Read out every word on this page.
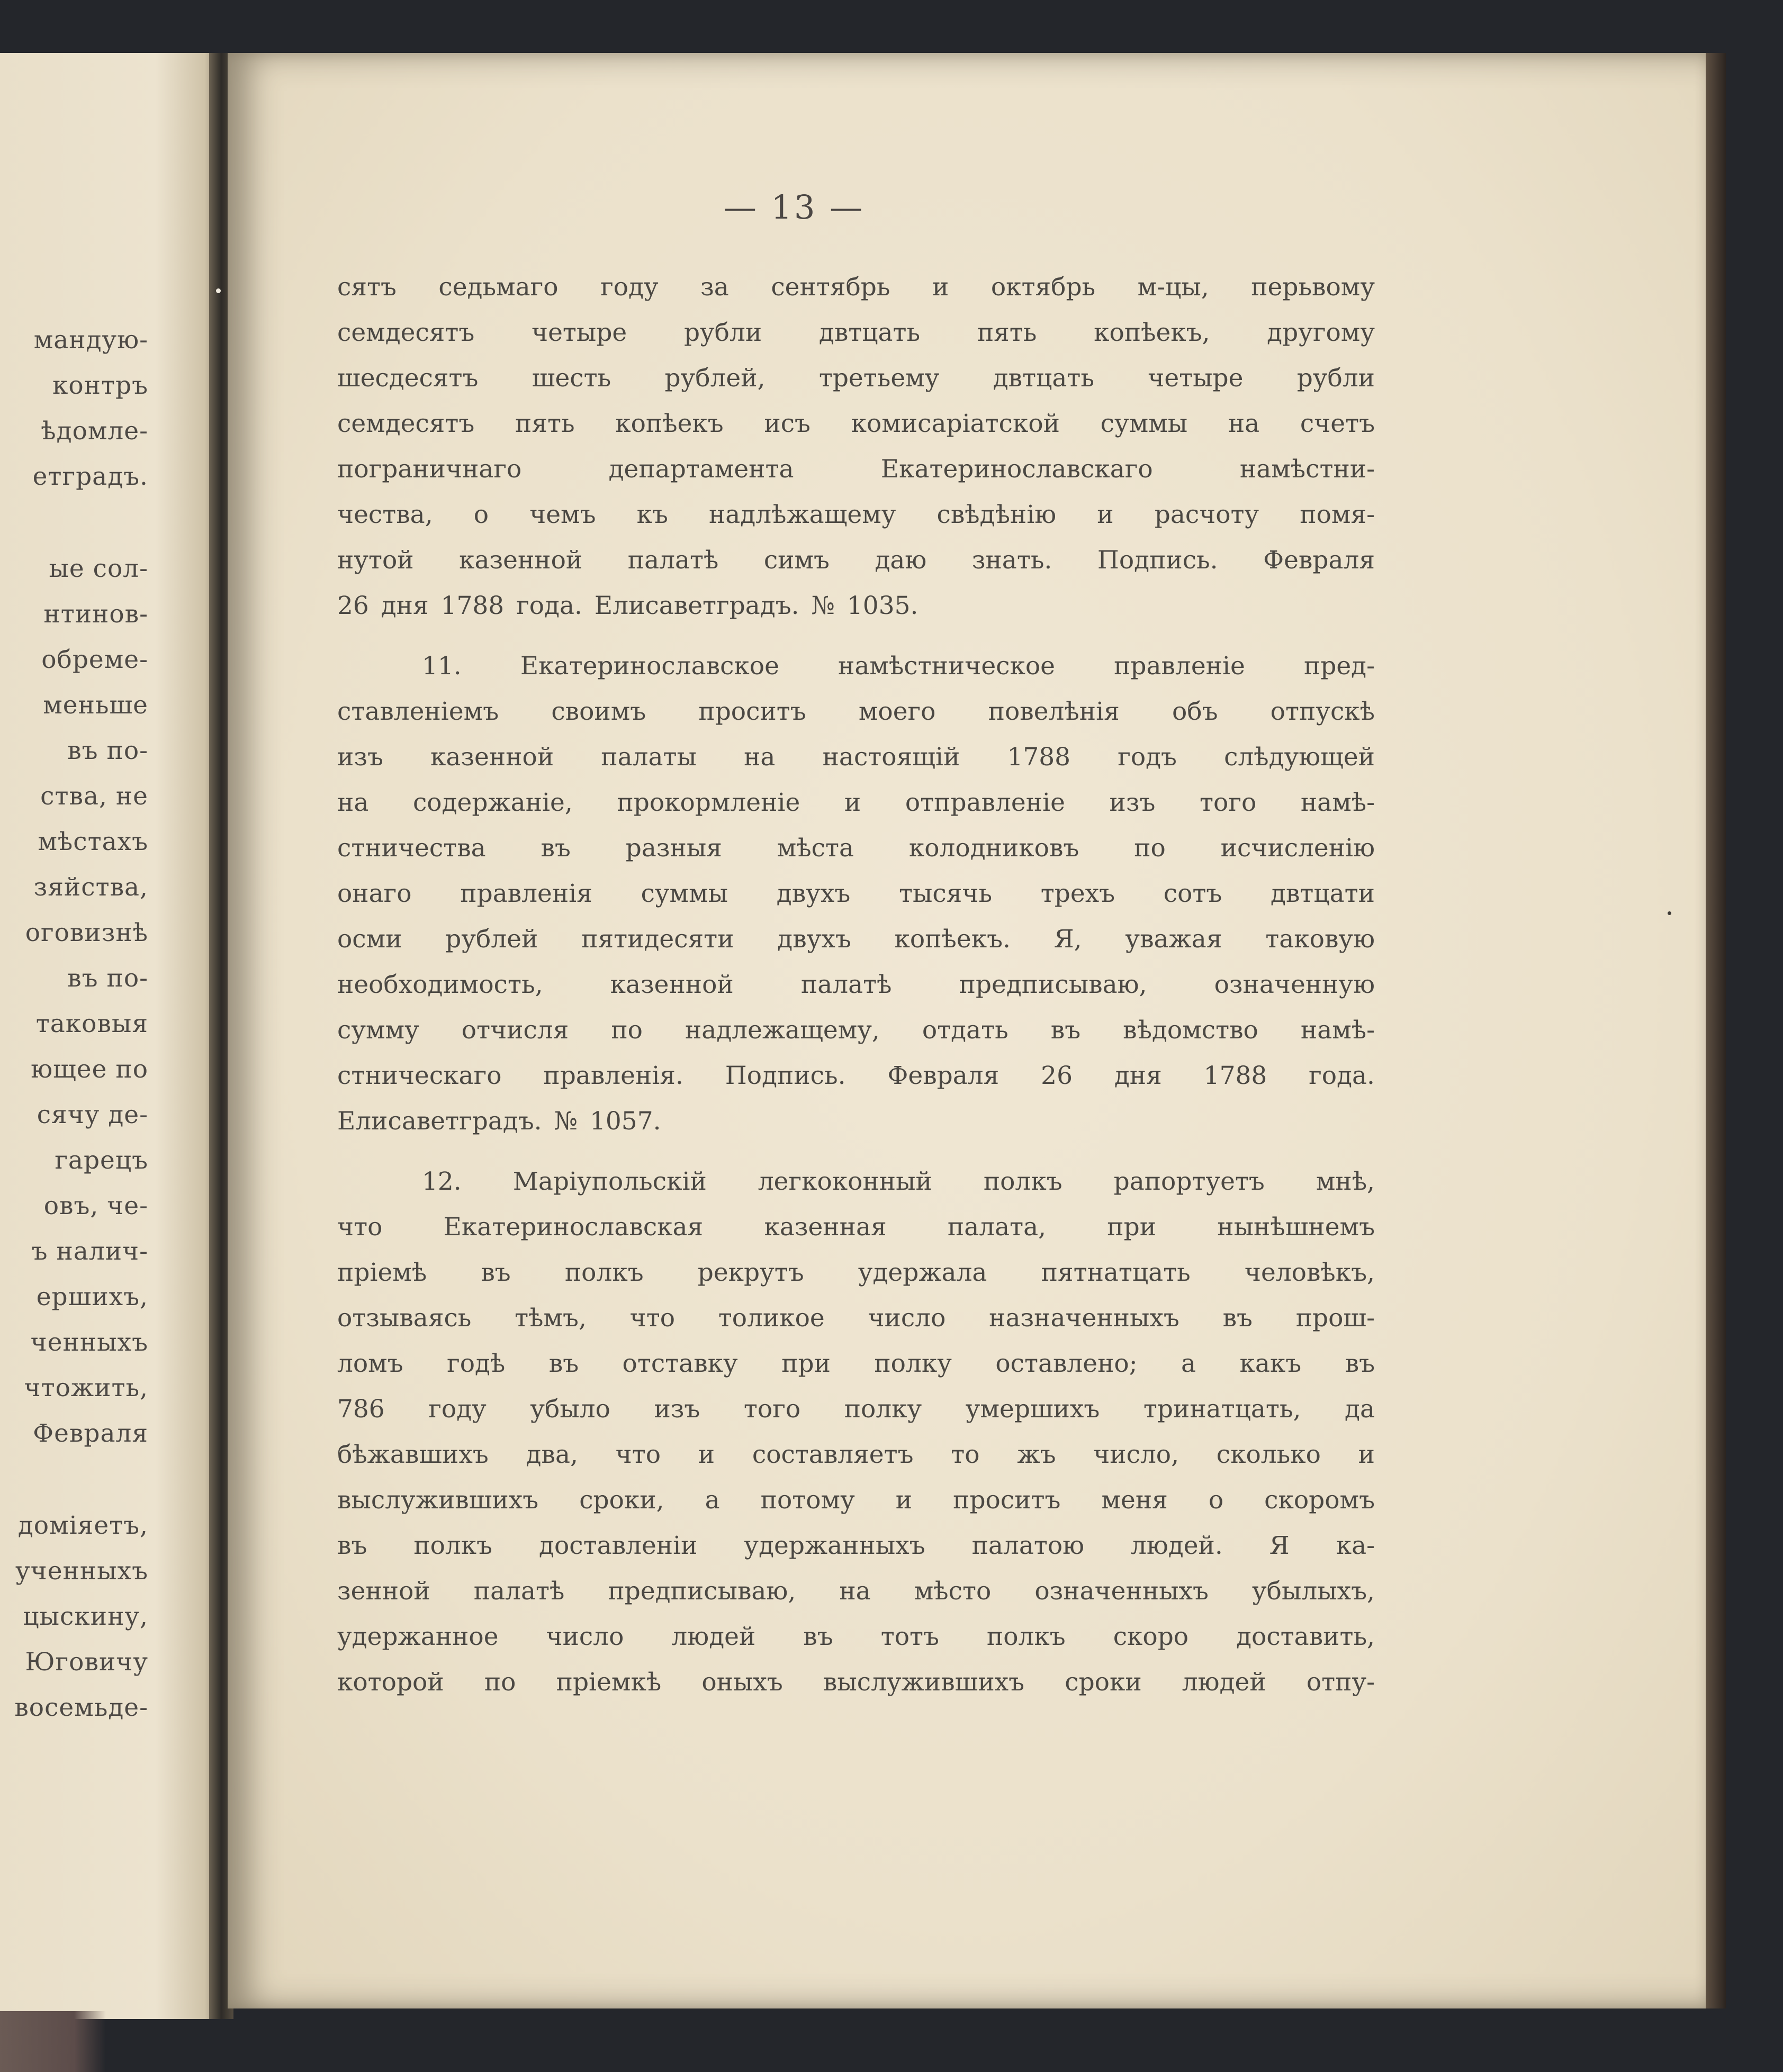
мандую-
контръ
ѣдомле-
етградъ.
ые сол-
нтинов-
обреме-
меньше
въ по-
ства, не
мѣстахъ
зяйства,
оговизнѣ
въ по-
таковыя
ющее по
сячу де-
гарецъ
овъ, че-
ъ налич-
ершихъ,
ченныхъ
чтожить,
Февраля
доміяетъ,
ученныхъ
цыскину,
Юговичу
восемьде-
— 13 —
сятъ седьмаго году за сентябрь и октябрь м-цы, перьвому
семдесятъ четыре рубли двтцать пять копѣекъ, другому
шесдесятъ шесть рублей, третьему двтцать четыре рубли
семдесятъ пять копѣекъ исъ комисаріатской суммы на счетъ
пограничнаго департамента Екатеринославскаго намѣстни-
чества, о чемъ къ надлѣжащему свѣдѣнію и расчоту помя-
нутой казенной палатѣ симъ даю знать. Подпись. Февраля
26 дня 1788 года. Елисаветградъ. № 1035.
11. Екатеринославское намѣстническое правленіе пред-
ставленіемъ своимъ проситъ моего повелѣнія объ отпускѣ
изъ казенной палаты на настоящій 1788 годъ слѣдующей
на содержаніе, прокормленіе и отправленіе изъ того намѣ-
стничества въ разныя мѣста колодниковъ по исчисленію
онаго правленія суммы двухъ тысячь трехъ сотъ двтцати
осми рублей пятидесяти двухъ копѣекъ. Я, уважая таковую
необходимость, казенной палатѣ предписываю, означенную
сумму отчисля по надлежащему, отдать въ вѣдомство намѣ-
стническаго правленія. Подпись. Февраля 26 дня 1788 года.
Елисаветградъ. № 1057.
12. Маріупольскій легкоконный полкъ рапортуетъ мнѣ,
что Екатеринославская казенная палата, при нынѣшнемъ
пріемѣ въ полкъ рекрутъ удержала пятнатцать человѣкъ,
отзываясь тѣмъ, что толикое число назначенныхъ въ прош-
ломъ годѣ въ отставку при полку оставлено; а какъ въ
786 году убыло изъ того полку умершихъ тринатцать, да
бѣжавшихъ два, что и составляетъ то жъ число, сколько и
выслужившихъ сроки, а потому и проситъ меня о скоромъ
въ полкъ доставленіи удержанныхъ палатою людей. Я ка-
зенной палатѣ предписываю, на мѣсто означенныхъ убылыхъ,
удержанное число людей въ тотъ полкъ скоро доставить,
которой по пріемкѣ оныхъ выслужившихъ сроки людей отпу-
